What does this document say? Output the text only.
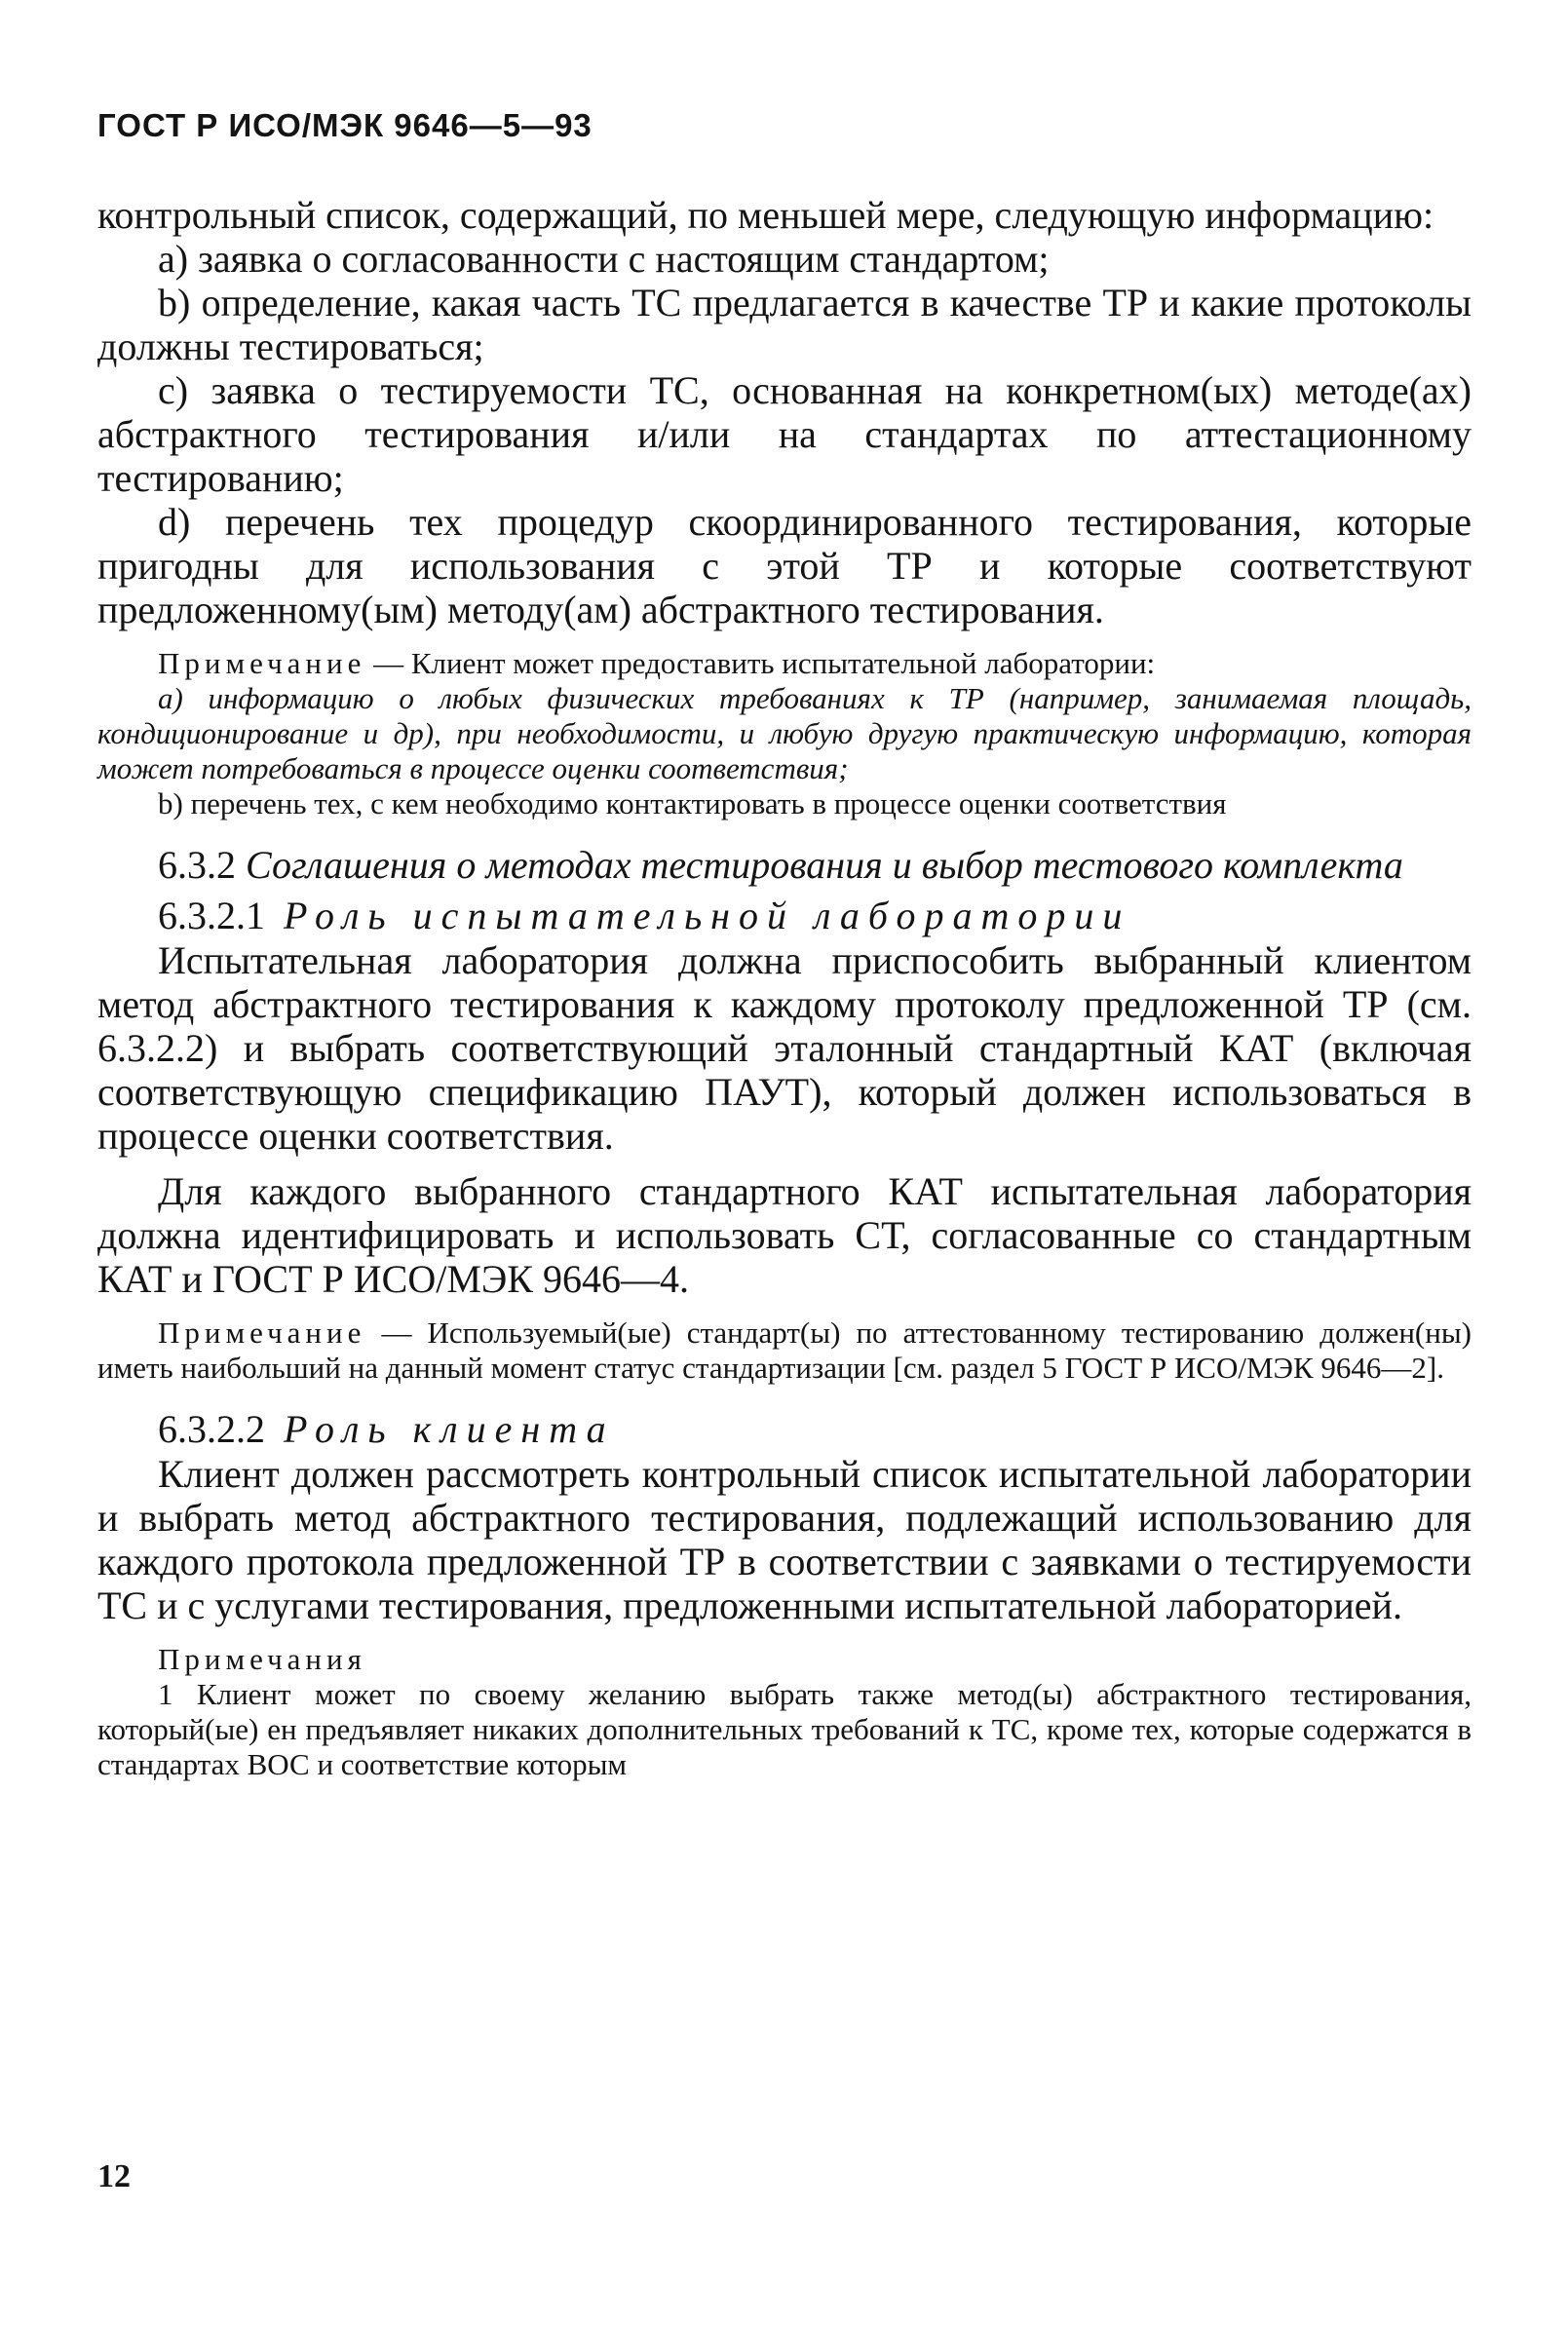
ГОСТ Р ИСО/МЭК 9646—5—93

контрольный список, содержащий, по меньшей мере, следующую информацию:

a) заявка о согласованности с настоящим стандартом;

b) определение, какая часть ТС предлагается в качестве ТР и какие протоколы должны тестироваться;

c) заявка о тестируемости ТС, основанная на конкретном(ых) методе(ах) абстрактного тестирования и/или на стандартах по аттестационному тестированию;

d) перечень тех процедур скоординированного тестирования, которые пригодны для использования с этой ТР и которые соответствуют предложенному(ым) методу(ам) абстрактного тестирования.

Примечание — Клиент может предоставить испытательной лаборатории:

a) информацию о любых физических требованиях к ТР (например, занимаемая площадь, кондиционирование и др), при необходимости, и любую другую практическую информацию, которая может потребоваться в процессе оценки соответствия;

b) перечень тех, с кем необходимо контактировать в процессе оценки соответствия

6.3.2 Соглашения о методах тестирования и выбор тестового комплекта

6.3.2.1 Роль испытательной лаборатории

Испытательная лаборатория должна приспособить выбранный клиентом метод абстрактного тестирования к каждому протоколу предложенной ТР (см. 6.3.2.2) и выбрать соответствующий эталонный стандартный КАТ (включая соответствующую спецификацию ПАУТ), который должен использоваться в процессе оценки соответствия.

Для каждого выбранного стандартного КАТ испытательная лаборатория должна идентифицировать и использовать СТ, согласованные со стандартным КАТ и ГОСТ Р ИСО/МЭК 9646—4.

Примечание — Используемый(ые) стандарт(ы) по аттестованному тестированию должен(ны) иметь наибольший на данный момент статус стандартизации [см. раздел 5 ГОСТ Р ИСО/МЭК 9646—2].

6.3.2.2 Роль клиента

Клиент должен рассмотреть контрольный список испытательной лаборатории и выбрать метод абстрактного тестирования, подлежащий использованию для каждого протокола предложенной ТР в соответствии с заявками о тестируемости ТС и с услугами тестирования, предложенными испытательной лабораторией.

Примечания

1 Клиент может по своему желанию выбрать также метод(ы) абстрактного тестирования, который(ые) ен предъявляет никаких дополнительных требований к ТС, кроме тех, которые содержатся в стандартах ВОС и соответствие которым

12
